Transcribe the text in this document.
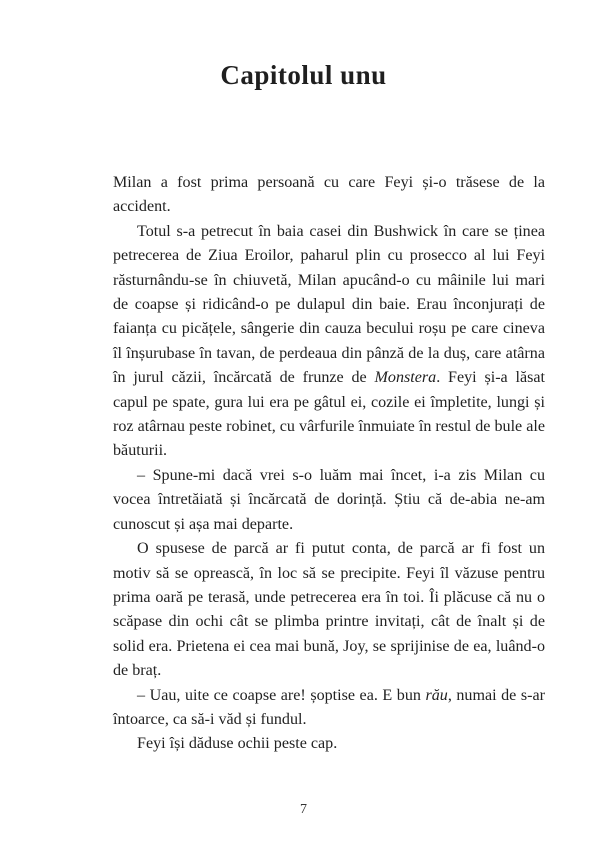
Capitolul unu

Milan a fost prima persoană cu care Feyi și-o trăsese de la accident.

Totul s-a petrecut în baia casei din Bushwick în care se ținea petrecerea de Ziua Eroilor, paharul plin cu prosecco al lui Feyi răsturnându-se în chiuvetă, Milan apucând-o cu mâinile lui mari de coapse și ridicând-o pe dulapul din baie. Erau înconjurați de faianța cu picățele, sângerie din cauza becului roșu pe care cineva îl înșurubase în tavan, de perdeaua din pânză de la duș, care atârna în jurul căzii, încărcată de frunze de Monstera. Feyi și-a lăsat capul pe spate, gura lui era pe gâtul ei, cozile ei împletite, lungi și roz atârnau peste robinet, cu vârfurile înmuiate în restul de bule ale băuturii.

– Spune-mi dacă vrei s-o luăm mai încet, i-a zis Milan cu vocea întretăiată și încărcată de dorință. Știu că de-abia ne-am cunoscut și așa mai departe.

O spusese de parcă ar fi putut conta, de parcă ar fi fost un motiv să se oprească, în loc să se precipite. Feyi îl văzuse pentru prima oară pe terasă, unde petrecerea era în toi. Îi plăcuse că nu o scăpase din ochi cât se plimba printre invitați, cât de înalt și de solid era. Prietena ei cea mai bună, Joy, se sprijinise de ea, luând-o de braț.

– Uau, uite ce coapse are! șoptise ea. E bun rău, numai de s-ar întoarce, ca să-i văd și fundul.

Feyi își dăduse ochii peste cap.

7
